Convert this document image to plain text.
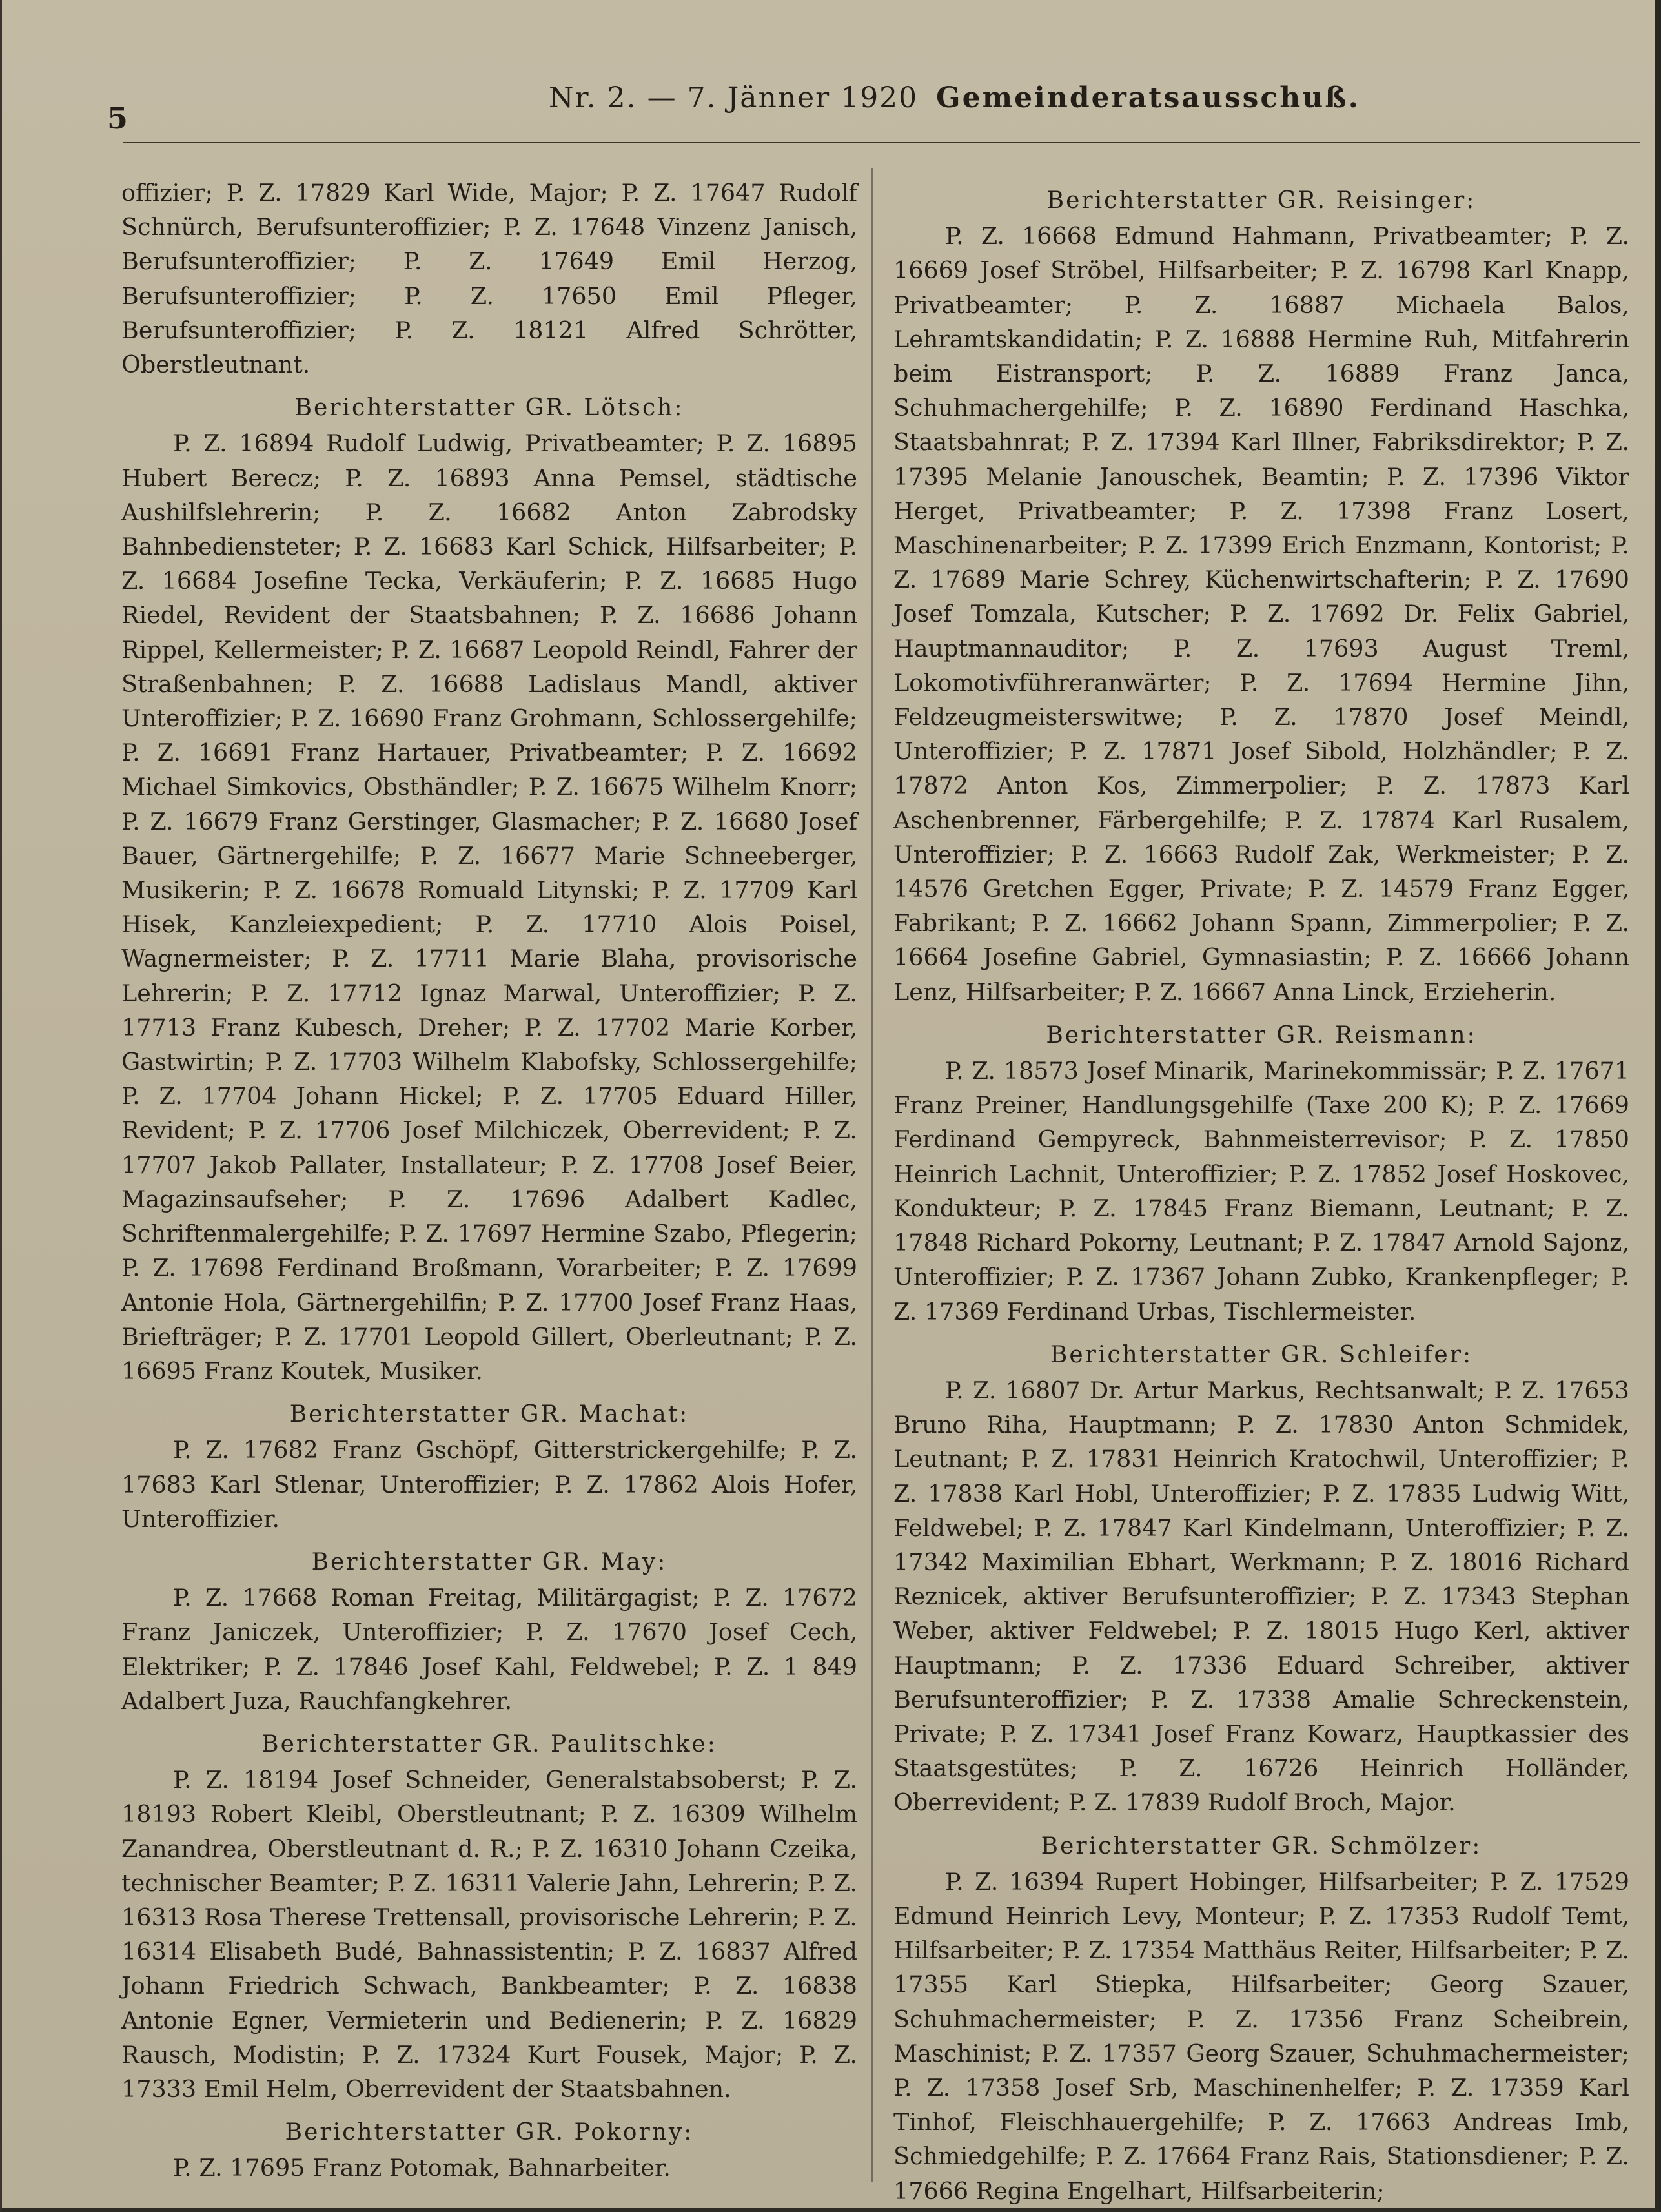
5
Nr. 2. — 7. Jänner 1920 Gemeinderatsausschuß.

offizier; P. Z. 17829 Karl Wide, Major; P. Z. 17647 Rudolf Schnürch, Berufsunteroffizier; P. Z. 17648 Vinzenz Janisch, Berufsunteroffizier; P. Z. 17649 Emil Herzog, Berufsunteroffizier; P. Z. 17650 Emil Pfleger, Berufsunteroffizier; P. Z. 18121 Alfred Schrötter, Oberstleutnant.

Berichterstatter GR. Lötsch:

P. Z. 16894 Rudolf Ludwig, Privatbeamter; P. Z. 16895 Hubert Berecz; P. Z. 16893 Anna Pemsel, städtische Aushilfslehrerin; P. Z. 16682 Anton Zabrodsky Bahnbediensteter; P. Z. 16683 Karl Schick, Hilfsarbeiter; P. Z. 16684 Josefine Tecka, Verkäuferin; P. Z. 16685 Hugo Riedel, Revident der Staatsbahnen; P. Z. 16686 Johann Rippel, Kellermeister; P. Z. 16687 Leopold Reindl, Fahrer der Straßenbahnen; P. Z. 16688 Ladislaus Mandl, aktiver Unteroffizier; P. Z. 16690 Franz Grohmann, Schlossergehilfe; P. Z. 16691 Franz Hartauer, Privatbeamter; P. Z. 16692 Michael Simkovics, Obsthändler; P. Z. 16675 Wilhelm Knorr; P. Z. 16679 Franz Gerstinger, Glasmacher; P. Z. 16680 Josef Bauer, Gärtnergehilfe; P. Z. 16677 Marie Schneeberger, Musikerin; P. Z. 16678 Romuald Litynski; P. Z. 17709 Karl Hisek, Kanzleiexpedient; P. Z. 17710 Alois Poisel, Wagnermeister; P. Z. 17711 Marie Blaha, provisorische Lehrerin; P. Z. 17712 Ignaz Marwal, Unteroffizier; P. Z. 17713 Franz Kubesch, Dreher; P. Z. 17702 Marie Korber, Gastwirtin; P. Z. 17703 Wilhelm Klabofsky, Schlossergehilfe; P. Z. 17704 Johann Hickel; P. Z. 17705 Eduard Hiller, Revident; P. Z. 17706 Josef Milchiczek, Oberrevident; P. Z. 17707 Jakob Pallater, Installateur; P. Z. 17708 Josef Beier, Magazinsaufseher; P. Z. 17696 Adalbert Kadlec, Schriftenmalergehilfe; P. Z. 17697 Hermine Szabo, Pflegerin; P. Z. 17698 Ferdinand Broßmann, Vorarbeiter; P. Z. 17699 Antonie Hola, Gärtnergehilfin; P. Z. 17700 Josef Franz Haas, Briefträger; P. Z. 17701 Leopold Gillert, Oberleutnant; P. Z. 16695 Franz Koutek, Musiker.

Berichterstatter GR. Machat:

P. Z. 17682 Franz Gschöpf, Gitterstrickergehilfe; P. Z. 17683 Karl Stlenar, Unteroffizier; P. Z. 17862 Alois Hofer, Unteroffizier.

Berichterstatter GR. May:

P. Z. 17668 Roman Freitag, Militärgagist; P. Z. 17672 Franz Janiczek, Unteroffizier; P. Z. 17670 Josef Cech, Elektriker; P. Z. 17846 Josef Kahl, Feldwebel; P. Z. 1 849 Adalbert Juza, Rauchfangkehrer.

Berichterstatter GR. Paulitschke:

P. Z. 18194 Josef Schneider, Generalstabsoberst; P. Z. 18193 Robert Kleibl, Oberstleutnant; P. Z. 16309 Wilhelm Zanandrea, Oberstleutnant d. R.; P. Z. 16310 Johann Czeika, technischer Beamter; P. Z. 16311 Valerie Jahn, Lehrerin; P. Z. 16313 Rosa Therese Trettensall, provisorische Lehrerin; P. Z. 16314 Elisabeth Budé, Bahnassistentin; P. Z. 16837 Alfred Johann Friedrich Schwach, Bankbeamter; P. Z. 16838 Antonie Egner, Vermieterin und Bedienerin; P. Z. 16829 Rausch, Modistin; P. Z. 17324 Kurt Fousek, Major; P. Z. 17333 Emil Helm, Oberrevident der Staatsbahnen.

Berichterstatter GR. Pokorny:

P. Z. 17695 Franz Potomak, Bahnarbeiter.

Berichterstatter GR. Reisinger:

P. Z. 16668 Edmund Hahmann, Privatbeamter; P. Z. 16669 Josef Ströbel, Hilfsarbeiter; P. Z. 16798 Karl Knapp, Privatbeamter; P. Z. 16887 Michaela Balos, Lehramtskandidatin; P. Z. 16888 Hermine Ruh, Mitfahrerin beim Eistransport; P. Z. 16889 Franz Janca, Schuhmachergehilfe; P. Z. 16890 Ferdinand Haschka, Staatsbahnrat; P. Z. 17394 Karl Illner, Fabriksdirektor; P. Z. 17395 Melanie Janouschek, Beamtin; P. Z. 17396 Viktor Herget, Privatbeamter; P. Z. 17398 Franz Losert, Maschinenarbeiter; P. Z. 17399 Erich Enzmann, Kontorist; P. Z. 17689 Marie Schrey, Küchenwirtschafterin; P. Z. 17690 Josef Tomzala, Kutscher; P. Z. 17692 Dr. Felix Gabriel, Hauptmannauditor; P. Z. 17693 August Treml, Lokomotivführeranwärter; P. Z. 17694 Hermine Jihn, Feldzeugmeisterswitwe; P. Z. 17870 Josef Meindl, Unteroffizier; P. Z. 17871 Josef Sibold, Holzhändler; P. Z. 17872 Anton Kos, Zimmerpolier; P. Z. 17873 Karl Aschenbrenner, Färbergehilfe; P. Z. 17874 Karl Rusalem, Unteroffizier; P. Z. 16663 Rudolf Zak, Werkmeister; P. Z. 14576 Gretchen Egger, Private; P. Z. 14579 Franz Egger, Fabrikant; P. Z. 16662 Johann Spann, Zimmerpolier; P. Z. 16664 Josefine Gabriel, Gymnasiastin; P. Z. 16666 Johann Lenz, Hilfsarbeiter; P. Z. 16667 Anna Linck, Erzieherin.

Berichterstatter GR. Reismann:

P. Z. 18573 Josef Minarik, Marinekommissär; P. Z. 17671 Franz Preiner, Handlungsgehilfe (Taxe 200 K); P. Z. 17669 Ferdinand Gempyreck, Bahnmeisterrevisor; P. Z. 17850 Heinrich Lachnit, Unteroffizier; P. Z. 17852 Josef Hoskovec, Kondukteur; P. Z. 17845 Franz Biemann, Leutnant; P. Z. 17848 Richard Pokorny, Leutnant; P. Z. 17847 Arnold Sajonz, Unteroffizier; P. Z. 17367 Johann Zubko, Krankenpfleger; P. Z. 17369 Ferdinand Urbas, Tischlermeister.

Berichterstatter GR. Schleifer:

P. Z. 16807 Dr. Artur Markus, Rechtsanwalt; P. Z. 17653 Bruno Riha, Hauptmann; P. Z. 17830 Anton Schmidek, Leutnant; P. Z. 17831 Heinrich Kratochwil, Unteroffizier; P. Z. 17838 Karl Hobl, Unteroffizier; P. Z. 17835 Ludwig Witt, Feldwebel; P. Z. 17847 Karl Kindelmann, Unteroffizier; P. Z. 17342 Maximilian Ebhart, Werkmann; P. Z. 18016 Richard Reznicek, aktiver Berufsunteroffizier; P. Z. 17343 Stephan Weber, aktiver Feldwebel; P. Z. 18015 Hugo Kerl, aktiver Hauptmann; P. Z. 17336 Eduard Schreiber, aktiver Berufsunteroffizier; P. Z. 17338 Amalie Schreckenstein, Private; P. Z. 17341 Josef Franz Kowarz, Hauptkassier des Staatsgestütes; P. Z. 16726 Heinrich Holländer, Oberrevident; P. Z. 17839 Rudolf Broch, Major.

Berichterstatter GR. Schmölzer:

P. Z. 16394 Rupert Hobinger, Hilfsarbeiter; P. Z. 17529 Edmund Heinrich Levy, Monteur; P. Z. 17353 Rudolf Temt, Hilfsarbeiter; P. Z. 17354 Matthäus Reiter, Hilfsarbeiter; P. Z. 17355 Karl Stiepka, Hilfsarbeiter; Georg Szauer, Schuhmachermeister; P. Z. 17356 Franz Scheibrein, Maschinist; P. Z. 17357 Georg Szauer, Schuhmachermeister; P. Z. 17358 Josef Srb, Maschinenhelfer; P. Z. 17359 Karl Tinhof, Fleischhauergehilfe; P. Z. 17663 Andreas Imb, Schmiedgehilfe; P. Z. 17664 Franz Rais, Stationsdiener; P. Z. 17666 Regina Engelhart, Hilfsarbeiterin;
